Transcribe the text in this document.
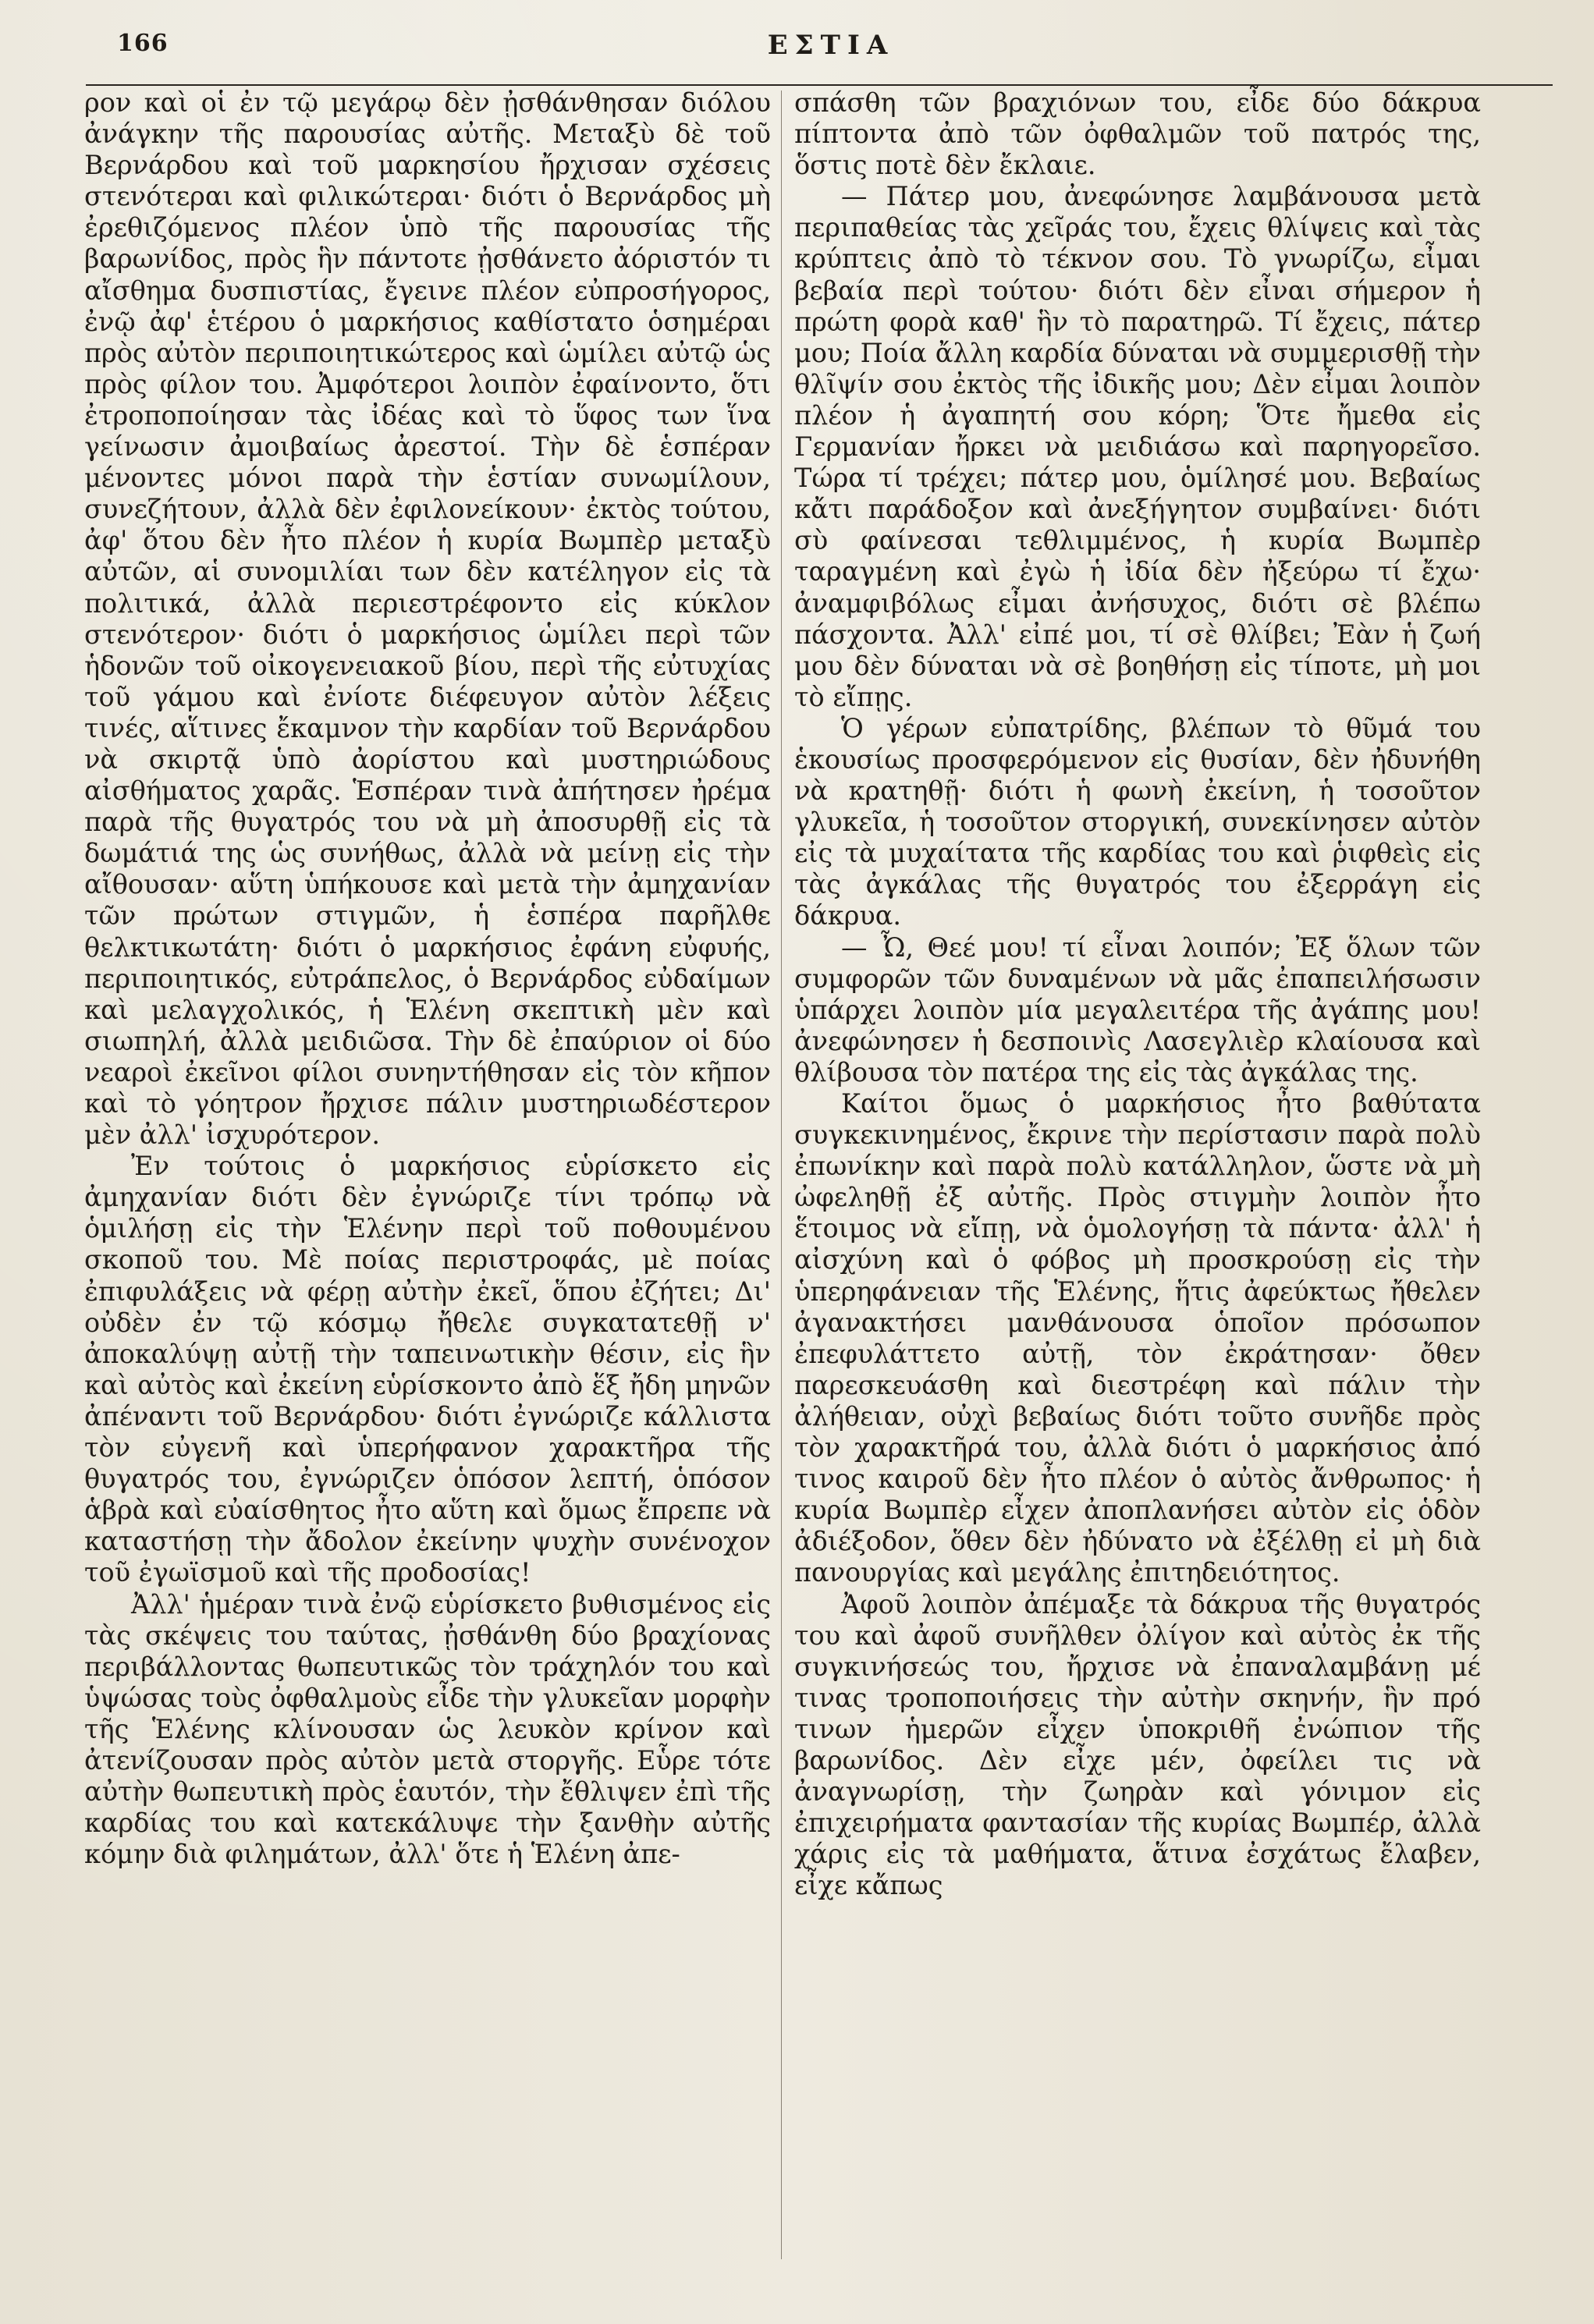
166	ΕΣΤΙΑ

ρον καὶ οἱ ἐν τῷ μεγάρῳ δὲν ᾐσθάνθησαν διόλου ἀνάγκην τῆς παρουσίας αὐτῆς. Μεταξὺ δὲ τοῦ Βερνάρδου καὶ τοῦ μαρκησίου ἤρχισαν σχέσεις στενότεραι καὶ φιλικώτεραι· διότι ὁ Βερνάρδος μὴ ἐρεθιζόμενος πλέον ὑπὸ τῆς παρουσίας τῆς βαρωνίδος, πρὸς ἣν πάντοτε ᾐσθάνετο ἀόριστόν τι αἴσθημα δυσπιστίας, ἔγεινε πλέον εὐπροσήγορος, ἐνῷ ἀφ' ἑτέρου ὁ μαρκήσιος καθίστατο ὁσημέραι πρὸς αὐτὸν περιποιητικώτερος καὶ ὡμίλει αὐτῷ ὡς πρὸς φίλον του. Ἀμφότεροι λοιπὸν ἐφαίνοντο, ὅτι ἐτροποποίησαν τὰς ἰδέας καὶ τὸ ὕφος των ἵνα γείνωσιν ἀμοιβαίως ἀρεστοί. Τὴν δὲ ἑσπέραν μένοντες μόνοι παρὰ τὴν ἑστίαν συνωμίλουν, συνεζήτουν, ἀλλὰ δὲν ἐφιλονείκουν· ἐκτὸς τούτου, ἀφ' ὅτου δὲν ἦτο πλέον ἡ κυρία Βωμπὲρ μεταξὺ αὐτῶν, αἱ συνομιλίαι των δὲν κατέληγον εἰς τὰ πολιτικά, ἀλλὰ περιεστρέφοντο εἰς κύκλον στενότερον· διότι ὁ μαρκήσιος ὡμίλει περὶ τῶν ἡδονῶν τοῦ οἰκογενειακοῦ βίου, περὶ τῆς εὐτυχίας τοῦ γάμου καὶ ἐνίοτε διέφευγον αὐτὸν λέξεις τινές, αἵτινες ἔκαμνον τὴν καρδίαν τοῦ Βερνάρδου νὰ σκιρτᾷ ὑπὸ ἀορίστου καὶ μυστηριώδους αἰσθήματος χαρᾶς. Ἑσπέραν τινὰ ἀπήτησεν ἠρέμα παρὰ τῆς θυγατρός του νὰ μὴ ἀποσυρθῇ εἰς τὰ δωμάτιά της ὡς συνήθως, ἀλλὰ νὰ μείνῃ εἰς τὴν αἴθουσαν· αὕτη ὑπήκουσε καὶ μετὰ τὴν ἀμηχανίαν τῶν πρώτων στιγμῶν, ἡ ἑσπέρα παρῆλθε θελκτικωτάτη· διότι ὁ μαρκήσιος ἐφάνη εὐφυής, περιποιητικός, εὐτράπελος, ὁ Βερνάρδος εὐδαίμων καὶ μελαγχολικός, ἡ Ἑλένη σκεπτικὴ μὲν καὶ σιωπηλή, ἀλλὰ μειδιῶσα. Τὴν δὲ ἐπαύριον οἱ δύο νεαροὶ ἐκεῖνοι φίλοι συνηντήθησαν εἰς τὸν κῆπον καὶ τὸ γόητρον ἤρχισε πάλιν μυστηριωδέστερον μὲν ἀλλ' ἰσχυρότερον.

Ἐν τούτοις ὁ μαρκήσιος εὑρίσκετο εἰς ἀμηχανίαν διότι δὲν ἐγνώριζε τίνι τρόπῳ νὰ ὁμιλήσῃ εἰς τὴν Ἑλένην περὶ τοῦ ποθουμένου σκοποῦ του. Μὲ ποίας περιστροφάς, μὲ ποίας ἐπιφυλάξεις νὰ φέρῃ αὐτὴν ἐκεῖ, ὅπου ἐζήτει; Δι' οὐδὲν ἐν τῷ κόσμῳ ἤθελε συγκατατεθῇ ν' ἀποκαλύψῃ αὐτῇ τὴν ταπεινωτικὴν θέσιν, εἰς ἣν καὶ αὐτὸς καὶ ἐκείνη εὑρίσκοντο ἀπὸ ἕξ ἤδη μηνῶν ἀπέναντι τοῦ Βερνάρδου· διότι ἐγνώριζε κάλλιστα τὸν εὐγενῆ καὶ ὑπερήφανον χαρακτῆρα τῆς θυγατρός του, ἐγνώριζεν ὁπόσον λεπτή, ὁπόσον ἁβρὰ καὶ εὐαίσθητος ἦτο αὕτη καὶ ὅμως ἔπρεπε νὰ καταστήσῃ τὴν ἄδολον ἐκείνην ψυχὴν συνένοχον τοῦ ἐγωϊσμοῦ καὶ τῆς προδοσίας!

Ἀλλ' ἡμέραν τινὰ ἐνῷ εὑρίσκετο βυθισμένος εἰς τὰς σκέψεις του ταύτας, ᾐσθάνθη δύο βραχίονας περιβάλλοντας θωπευτικῶς τὸν τράχηλόν του καὶ ὑψώσας τοὺς ὀφθαλμοὺς εἶδε τὴν γλυκεῖαν μορφὴν τῆς Ἑλένης κλίνουσαν ὡς λευκὸν κρίνον καὶ ἀτενίζουσαν πρὸς αὐτὸν μετὰ στοργῆς. Εὗρε τότε αὐτὴν θωπευτικὴ πρὸς ἑαυτόν, τὴν ἔθλιψεν ἐπὶ τῆς καρδίας του καὶ κατεκάλυψε τὴν ξανθὴν αὐτῆς κόμην διὰ φιλημάτων, ἀλλ' ὅτε ἡ Ἑλένη ἀπε-

σπάσθη τῶν βραχιόνων του, εἶδε δύο δάκρυα πίπτοντα ἀπὸ τῶν ὀφθαλμῶν τοῦ πατρός της, ὅστις ποτὲ δὲν ἔκλαιε.

— Πάτερ μου, ἀνεφώνησε λαμβάνουσα μετὰ περιπαθείας τὰς χεῖράς του, ἔχεις θλίψεις καὶ τὰς κρύπτεις ἀπὸ τὸ τέκνον σου. Τὸ γνωρίζω, εἶμαι βεβαία περὶ τούτου· διότι δὲν εἶναι σήμερον ἡ πρώτη φορὰ καθ' ἣν τὸ παρατηρῶ. Τί ἔχεις, πάτερ μου; Ποία ἄλλη καρδία δύναται νὰ συμμερισθῇ τὴν θλῖψίν σου ἐκτὸς τῆς ἰδικῆς μου; Δὲν εἶμαι λοιπὸν πλέον ἡ ἀγαπητή σου κόρη; Ὅτε ἤμεθα εἰς Γερμανίαν ἤρκει νὰ μειδιάσω καὶ παρηγορεῖσο. Τώρα τί τρέχει; πάτερ μου, ὁμίλησέ μου. Βεβαίως κἄτι παράδοξον καὶ ἀνεξήγητον συμβαίνει· διότι σὺ φαίνεσαι τεθλιμμένος, ἡ κυρία Βωμπὲρ ταραγμένη καὶ ἐγὼ ἡ ἰδία δὲν ἠξεύρω τί ἔχω· ἀναμφιβόλως εἶμαι ἀνήσυχος, διότι σὲ βλέπω πάσχοντα. Ἀλλ' εἰπέ μοι, τί σὲ θλίβει; Ἐὰν ἡ ζωή μου δὲν δύναται νὰ σὲ βοηθήσῃ εἰς τίποτε, μὴ μοι τὸ εἴπῃς.

Ὁ γέρων εὐπατρίδης, βλέπων τὸ θῦμά του ἑκουσίως προσφερόμενον εἰς θυσίαν, δὲν ἠδυνήθη νὰ κρατηθῇ· διότι ἡ φωνὴ ἐκείνη, ἡ τοσοῦτον γλυκεῖα, ἡ τοσοῦτον στοργική, συνεκίνησεν αὐτὸν εἰς τὰ μυχαίτατα τῆς καρδίας του καὶ ῥιφθεὶς εἰς τὰς ἀγκάλας τῆς θυγατρός του ἐξερράγη εἰς δάκρυα.

— Ὦ, Θεέ μου! τί εἶναι λοιπόν; Ἐξ ὅλων τῶν συμφορῶν τῶν δυναμένων νὰ μᾶς ἐπαπειλήσωσιν ὑπάρχει λοιπὸν μία μεγαλειτέρα τῆς ἀγάπης μου! ἀνεφώνησεν ἡ δεσποινὶς Λασεγλιὲρ κλαίουσα καὶ θλίβουσα τὸν πατέρα της εἰς τὰς ἀγκάλας της.

Καίτοι ὅμως ὁ μαρκήσιος ἦτο βαθύτατα συγκεκινημένος, ἔκρινε τὴν περίστασιν παρὰ πολὺ ἐπωνίκην καὶ παρὰ πολὺ κατάλληλον, ὥστε νὰ μὴ ὠφεληθῇ ἐξ αὐτῆς. Πρὸς στιγμὴν λοιπὸν ἦτο ἕτοιμος νὰ εἴπῃ, νὰ ὁμολογήσῃ τὰ πάντα· ἀλλ' ἡ αἰσχύνη καὶ ὁ φόβος μὴ προσκρούσῃ εἰς τὴν ὑπερηφάνειαν τῆς Ἑλένης, ἥτις ἀφεύκτως ἤθελεν ἀγανακτήσει μανθάνουσα ὁποῖον πρόσωπον ἐπεφυλάττετο αὐτῇ, τὸν ἐκράτησαν· ὄθεν παρεσκευάσθη καὶ διεστρέφη καὶ πάλιν τὴν ἀλήθειαν, οὐχὶ βεβαίως διότι τοῦτο συνῆδε πρὸς τὸν χαρακτῆρά του, ἀλλὰ διότι ὁ μαρκήσιος ἀπό τινος καιροῦ δὲν ἦτο πλέον ὁ αὐτὸς ἄνθρωπος· ἡ κυρία Βωμπὲρ εἶχεν ἀποπλανήσει αὐτὸν εἰς ὁδὸν ἀδιέξοδον, ὅθεν δὲν ἠδύνατο νὰ ἐξέλθῃ εἰ μὴ διὰ πανουργίας καὶ μεγάλης ἐπιτηδειότητος.

Ἀφοῦ λοιπὸν ἀπέμαξε τὰ δάκρυα τῆς θυγατρός του καὶ ἀφοῦ συνῆλθεν ὀλίγον καὶ αὐτὸς ἐκ τῆς συγκινήσεώς του, ἤρχισε νὰ ἐπαναλαμβάνῃ μέ τινας τροποποιήσεις τὴν αὐτὴν σκηνήν, ἣν πρό τινων ἡμερῶν εἶχεν ὑποκριθῆ ἐνώπιον τῆς βαρωνίδος. Δὲν εἶχε μέν, ὀφείλει τις νὰ ἀναγνωρίσῃ, τὴν ζωηρὰν καὶ γόνιμον εἰς ἐπιχειρήματα φαντασίαν τῆς κυρίας Βωμπέρ, ἀλλὰ χάρις εἰς τὰ μαθήματα, ἅτινα ἐσχάτως ἔλαβεν, εἶχε κἄπως
